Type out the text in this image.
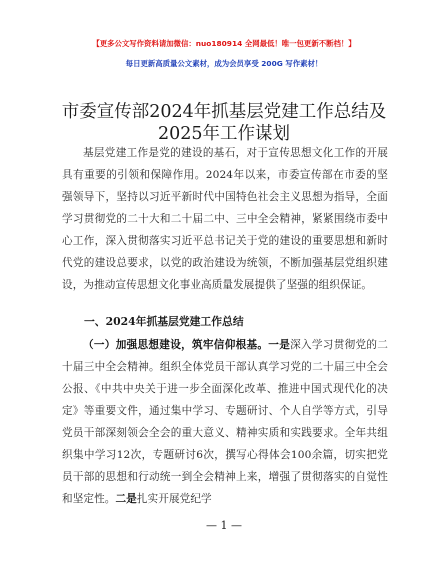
【更多公文写作资料请加微信：nuo180914 全网最低！唯一包更新不断档！】
每日更新高质量公文素材，成为会员享受 200G 写作素材！
市委宣传部2024年抓基层党建工作总结及2025年工作谋划
基层党建工作是党的建设的基石，对于宣传思想文化工作的开展具有重要的引领和保障作用。2024年以来，市委宣传部在市委的坚强领导下，坚持以习近平新时代中国特色社会主义思想为指导，全面学习贯彻党的二十大和二十届二中、三中全会精神，紧紧围绕市委中心工作，深入贯彻落实习近平总书记关于党的建设的重要思想和新时代党的建设总要求，以党的政治建设为统领，不断加强基层党组织建设，为推动宣传思想文化事业高质量发展提供了坚强的组织保证。
一、2024年抓基层党建工作总结
（一）加强思想建设，筑牢信仰根基。一是深入学习贯彻党的二十届三中全会精神。组织全体党员干部认真学习党的二十届三中全会公报、《中共中央关于进一步全面深化改革、推进中国式现代化的决定》等重要文件，通过集中学习、专题研讨、个人自学等方式，引导党员干部深刻领会全会的重大意义、精神实质和实践要求。全年共组织集中学习12次，专题研讨6次，撰写心得体会100余篇，切实把党员干部的思想和行动统一到全会精神上来，增强了贯彻落实的自觉性和坚定性。二是扎实开展党纪学
— 1 —
